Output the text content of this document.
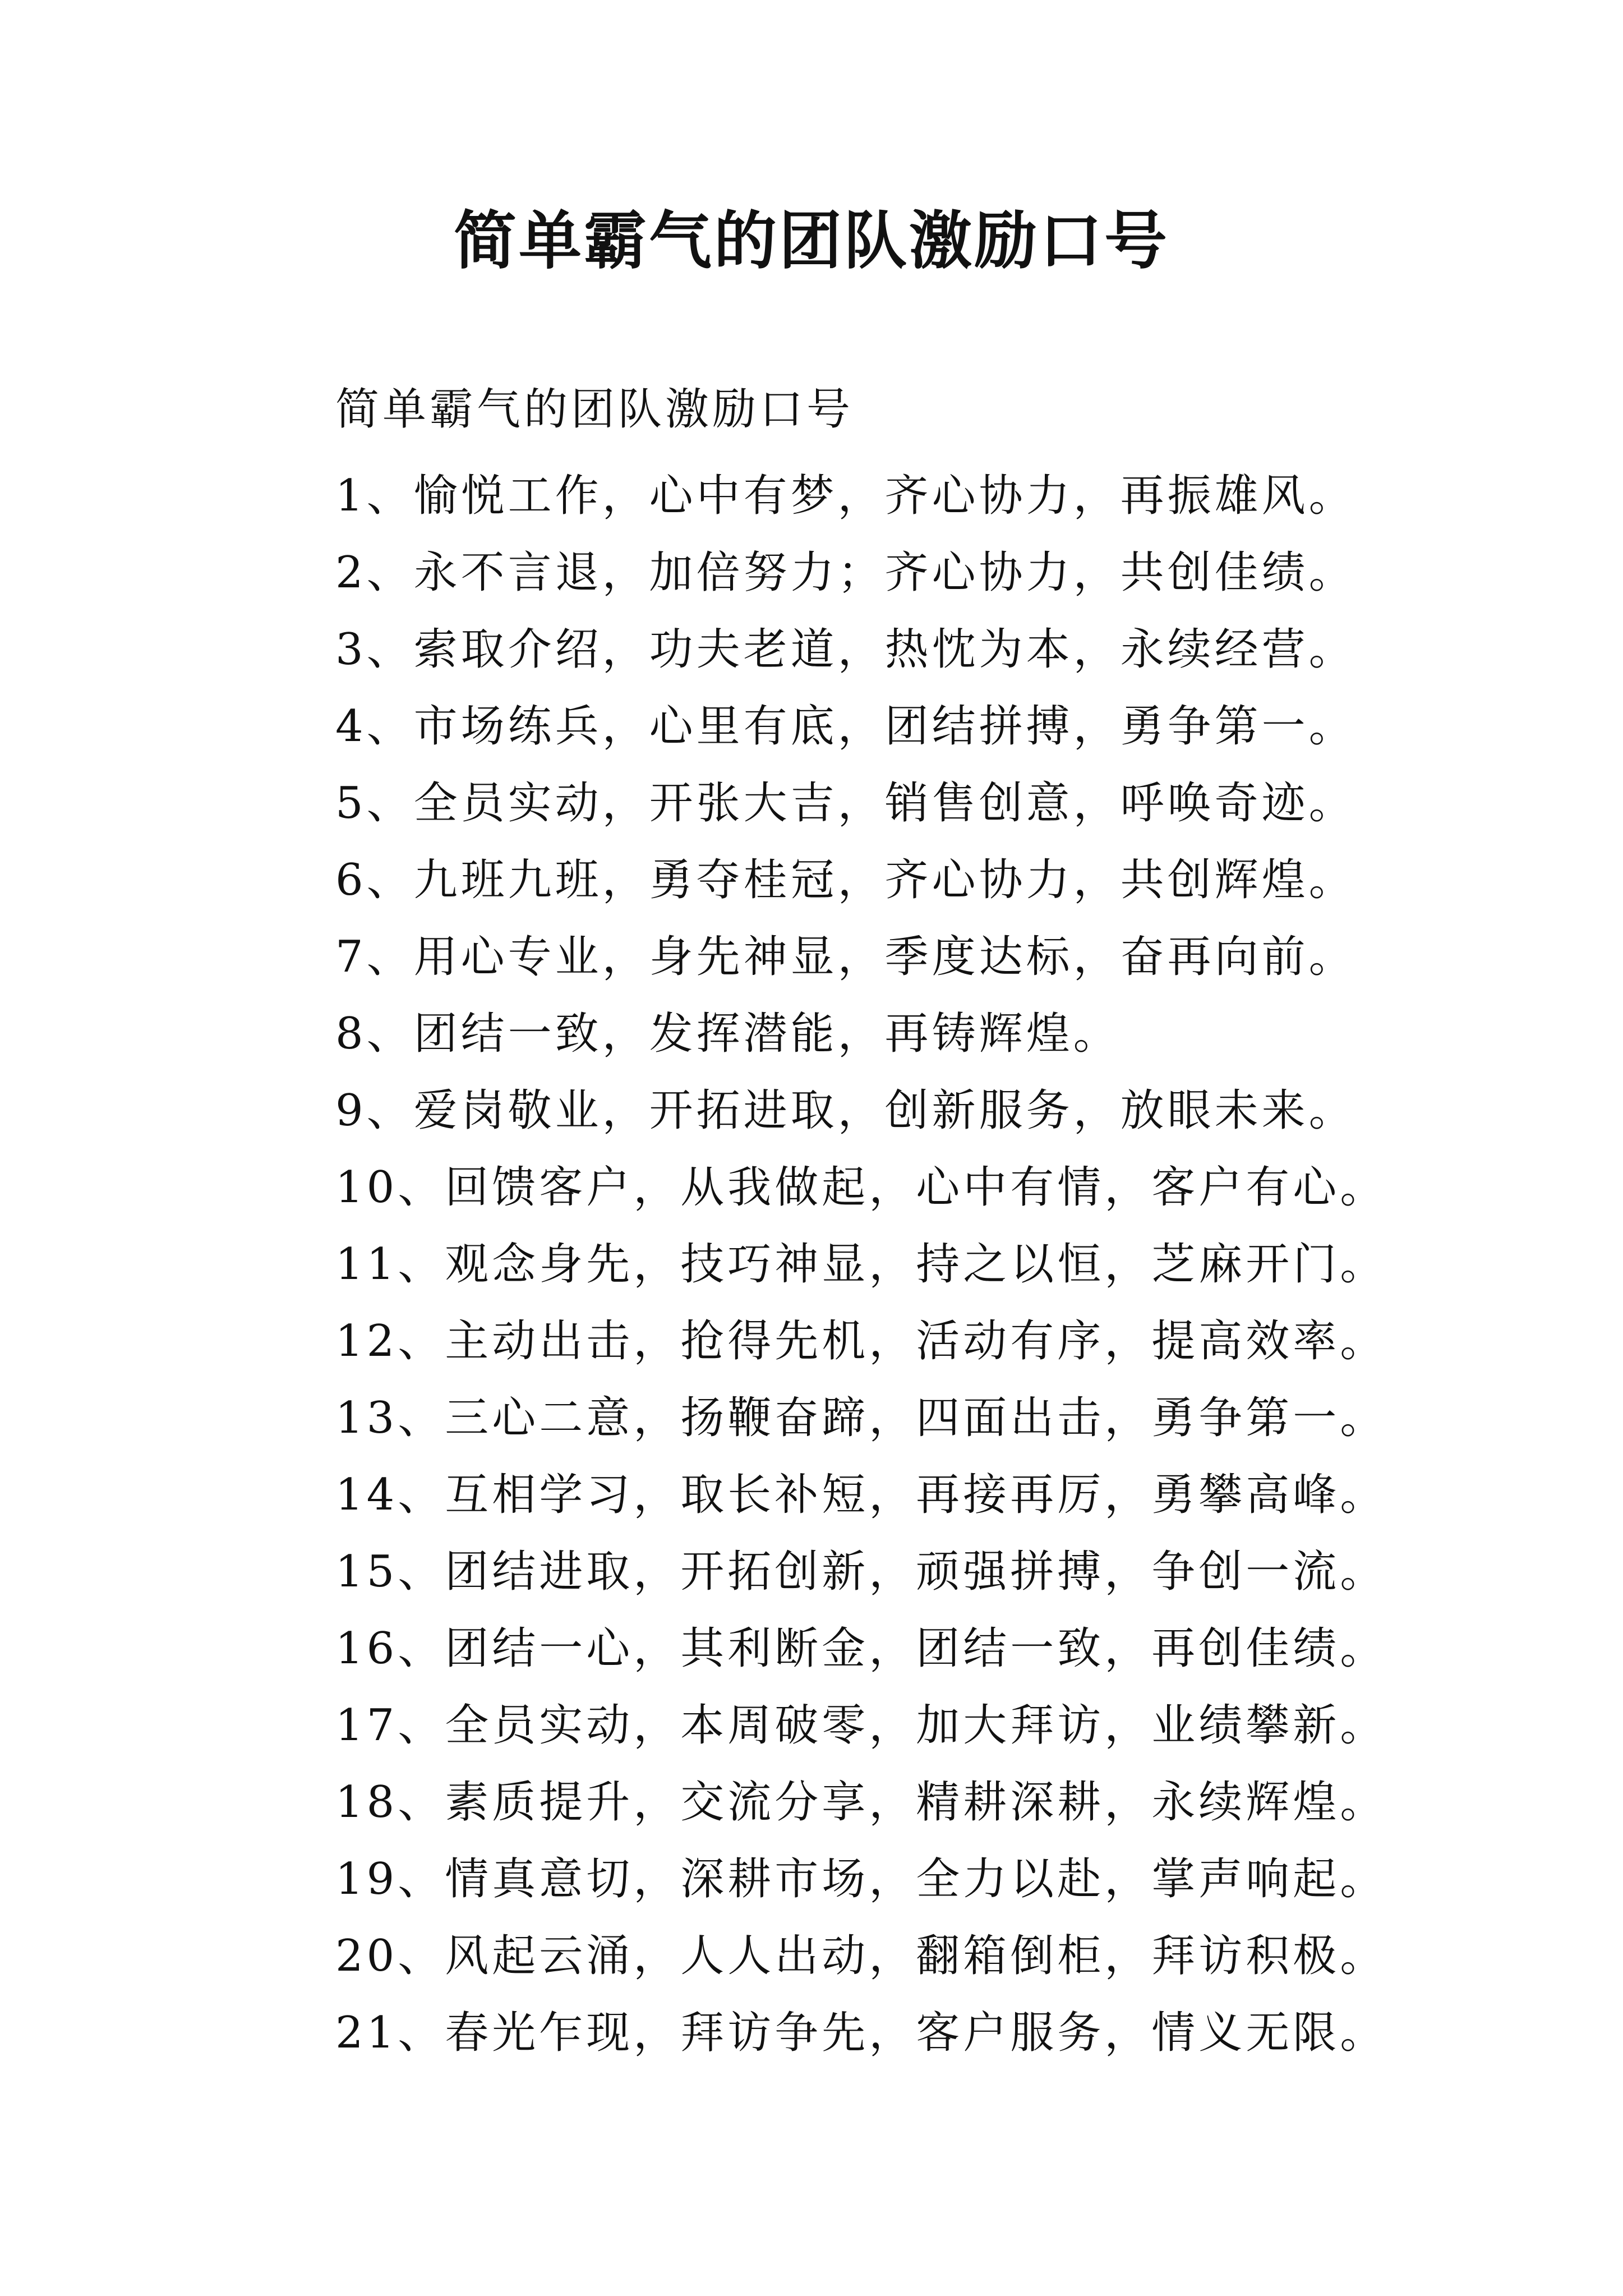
简单霸气的团队激励口号

简单霸气的团队激励口号

1、愉悦工作，心中有梦，齐心协力，再振雄风。
2、永不言退，加倍努力；齐心协力，共创佳绩。
3、索取介绍，功夫老道，热忱为本，永续经营。
4、市场练兵，心里有底，团结拼搏，勇争第一。
5、全员实动，开张大吉，销售创意，呼唤奇迹。
6、九班九班，勇夺桂冠，齐心协力，共创辉煌。
7、用心专业，身先神显，季度达标，奋再向前。
8、团结一致，发挥潜能，再铸辉煌。
9、爱岗敬业，开拓进取，创新服务，放眼未来。
10、回馈客户，从我做起，心中有情，客户有心。
11、观念身先，技巧神显，持之以恒，芝麻开门。
12、主动出击，抢得先机，活动有序，提高效率。
13、三心二意，扬鞭奋蹄，四面出击，勇争第一。
14、互相学习，取长补短，再接再厉，勇攀高峰。
15、团结进取，开拓创新，顽强拼搏，争创一流。
16、团结一心，其利断金，团结一致，再创佳绩。
17、全员实动，本周破零，加大拜访，业绩攀新。
18、素质提升，交流分享，精耕深耕，永续辉煌。
19、情真意切，深耕市场，全力以赴，掌声响起。
20、风起云涌，人人出动，翻箱倒柜，拜访积极。
21、春光乍现，拜访争先，客户服务，情义无限。
